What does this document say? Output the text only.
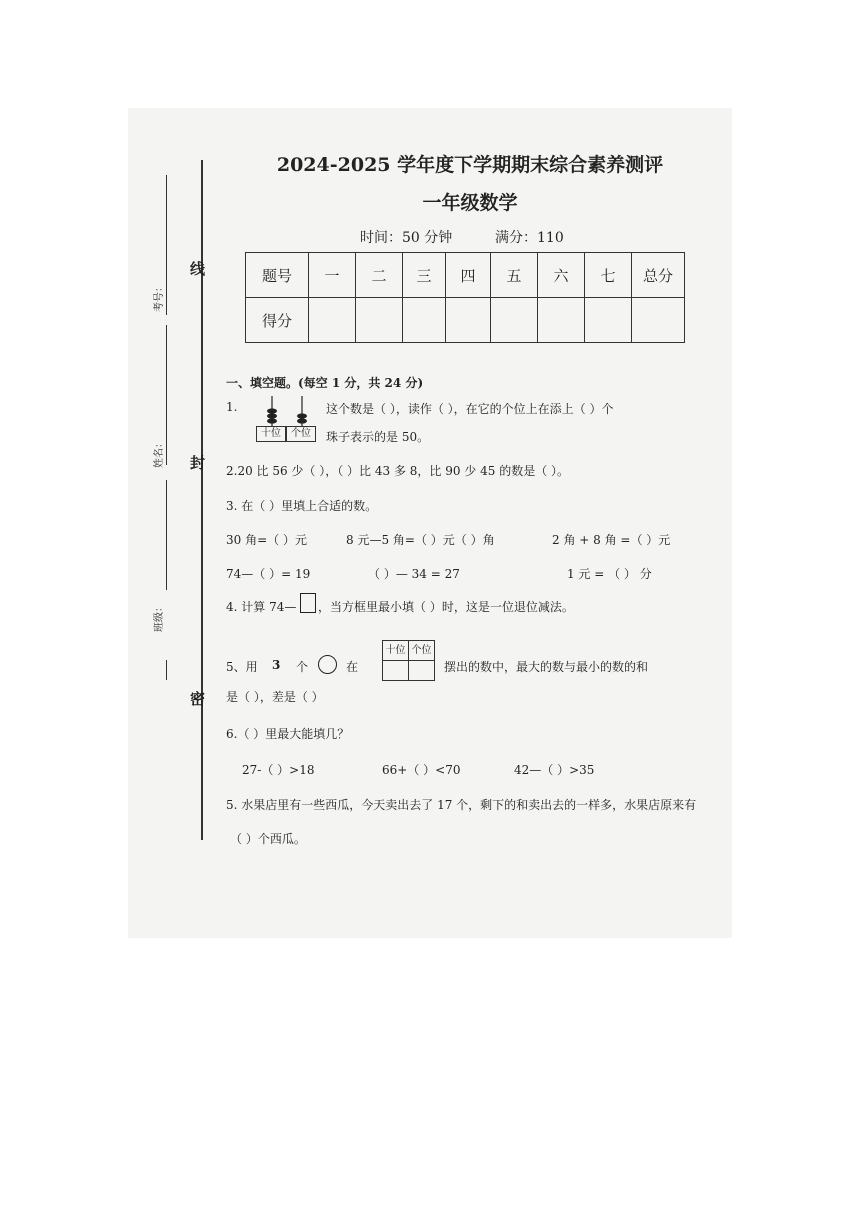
线
封
密
考号：
姓名：
班级：
2024-2025 学年度下学期期末综合素养测评
一年级数学
时间：50 分钟	满分：110
题号	一	二	三	四	五	六	七	总分
得分								
一、填空题。(每空 1 分，共 24 分)
1.
十位	个位
这个数是（ ），读作（ ），在它的个位上在添上（ ）个
珠子表示的是 50。
2.20 比 56 少（ ），（ ）比 43 多 8，比 90 少 45 的数是（ ）。
3. 在（ ）里填上合适的数。
30 角=（ ）元	8 元—5 角=（ ）元（ ）角	2 角 + 8 角 =（ ）元
74—（ ）= 19	（ ）— 34 = 27	1 元 = （ ） 分
4. 计算 74— ，当方框里最小填（ ）时，这是一位退位减法。
5、用 3 个	在
十位 个位
摆出的数中，最大的数与最小的数的和
是（ ），差是（ ）
6.（ ）里最大能填几？
27-（ ）>18	66+（ ）<70	42—（ ）>35
5. 水果店里有一些西瓜，今天卖出去了 17 个，剩下的和卖出去的一样多，水果店原来有
（ ）个西瓜。
